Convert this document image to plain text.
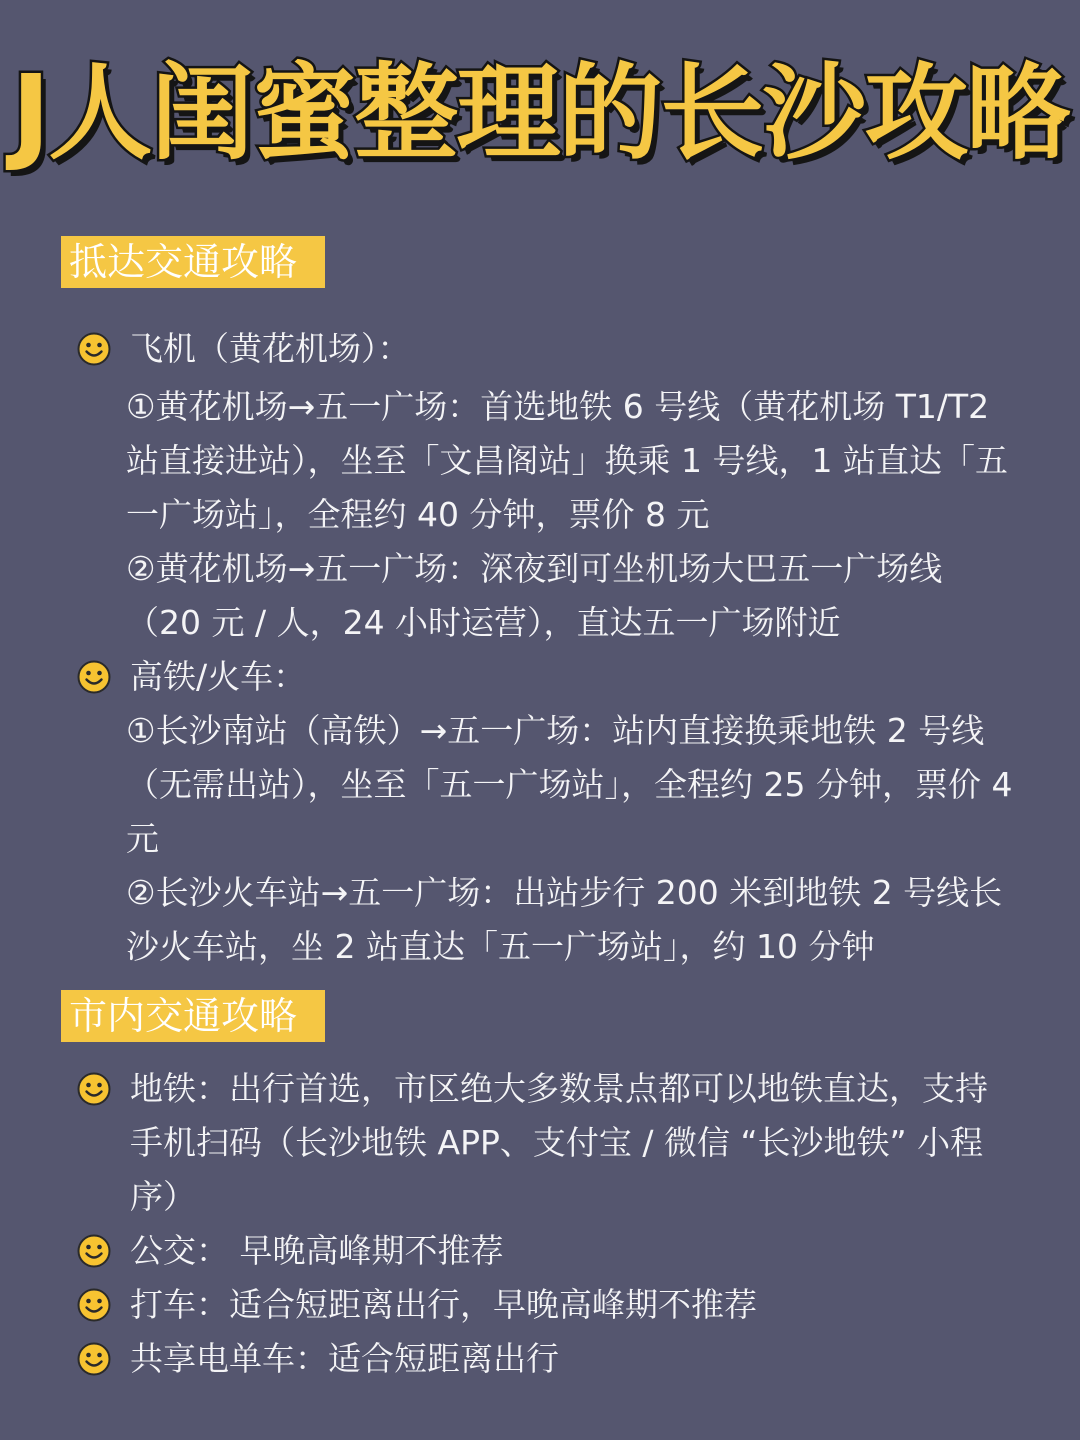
J人闺蜜整理的长沙攻略
抵达交通攻略
飞机（黄花机场）：
①黄花机场→五一广场：首选地铁 6 号线（黄花机场 T1/T2 站直接进站），坐至「文昌阁站」换乘 1 号线，1 站直达「五一广场站」，全程约 40 分钟，票价 8 元
②黄花机场→五一广场：深夜到可坐机场大巴五一广场线（20 元 / 人，24 小时运营），直达五一广场附近
高铁/火车：
①长沙南站（高铁）→五一广场：站内直接换乘地铁 2 号线（无需出站），坐至「五一广场站」，全程约 25 分钟，票价 4 元
②长沙火车站→五一广场：出站步行 200 米到地铁 2 号线长沙火车站，坐 2 站直达「五一广场站」，约 10 分钟
市内交通攻略
地铁：出行首选，市区绝大多数景点都可以地铁直达，支持手机扫码（长沙地铁 APP、支付宝 / 微信 “长沙地铁” 小程序）
公交： 早晚高峰期不推荐
打车：适合短距离出行，早晚高峰期不推荐
共享电单车：适合短距离出行
